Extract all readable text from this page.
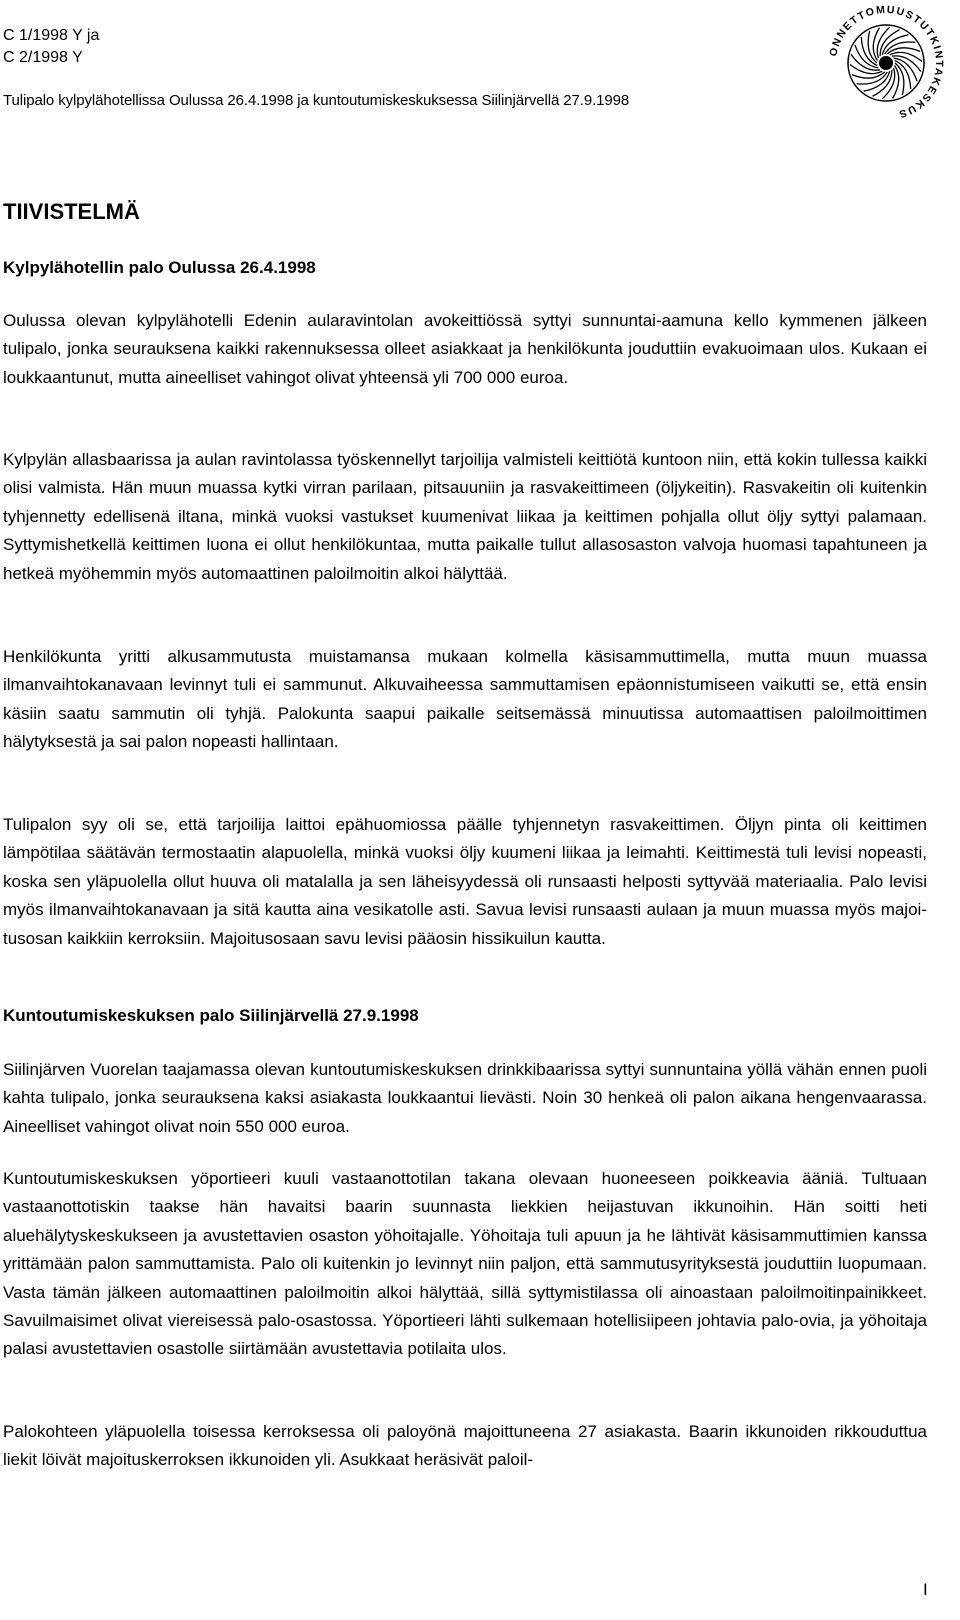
C 1/1998 Y ja
C 2/1998 Y
Tulipalo kylpylähotellissa Oulussa 26.4.1998 ja kuntoutumiskeskuksessa Siilinjärvellä 27.9.1998
ONNETTOMUUSTUTKINTAKESKUS
TIIVISTELMÄ
Kylpylähotellin palo Oulussa 26.4.1998

Oulussa olevan kylpylähotelli Edenin aularavintolan avokeittiössä syttyi sunnuntai-aamuna kello kymmenen jälkeen tulipalo, jonka seurauksena kaikki rakennuksessa olleet asiakkaat ja henkilökunta jouduttiin evakuoimaan ulos. Kukaan ei loukkaantunut, mutta aineelliset vahingot olivat yhteensä yli 700 000 euroa.

Kylpylän allasbaarissa ja aulan ravintolassa työskennellyt tarjoilija valmisteli keittiötä kuntoon niin, että kokin tullessa kaikki olisi valmista. Hän muun muassa kytki virran parilaan, pitsauuniin ja rasvakeittimeen (öljykeitin). Rasvakeitin oli kuitenkin tyhjennetty edellisenä iltana, minkä vuoksi vastukset kuumenivat liikaa ja keittimen pohjalla ollut öljy syttyi palamaan. Syttymishetkellä keittimen luona ei ollut henkilökuntaa, mutta paikalle tullut allasosaston valvoja huomasi tapahtuneen ja hetkeä myöhemmin myös automaattinen paloilmoitin alkoi hälyttää.

Henkilökunta yritti alkusammutusta muistamansa mukaan kolmella käsisammuttimella, mutta muun muassa ilmanvaihtokanavaan levinnyt tuli ei sammunut. Alkuvaiheessa sammuttamisen epäonnistumiseen vaikutti se, että ensin käsiin saatu sammutin oli tyhjä. Palokunta saapui paikalle seitsemässä minuutissa automaattisen paloilmoittimen hälytyksestä ja sai palon nopeasti hallintaan.

Tulipalon syy oli se, että tarjoilija laittoi epähuomiossa päälle tyhjennetyn rasvakeittimen. Öljyn pinta oli keittimen lämpötilaa säätävän termostaatin alapuolella, minkä vuoksi öljy kuumeni liikaa ja leimahti. Keittimestä tuli levisi nopeasti, koska sen yläpuolella ollut huuva oli matalalla ja sen läheisyydessä oli runsaasti helposti syttyvää materiaalia. Palo levisi myös ilmanvaihtokanavaan ja sitä kautta aina vesikatolle asti. Savua levisi runsaasti aulaan ja muun muassa myös majoitusosan kaikkiin kerroksiin. Majoitusosaan savu levisi pääosin hissikuilun kautta.

Kuntoutumiskeskuksen palo Siilinjärvellä 27.9.1998

Siilinjärven Vuorelan taajamassa olevan kuntoutumiskeskuksen drinkkibaarissa syttyi sunnuntaina yöllä vähän ennen puoli kahta tulipalo, jonka seurauksena kaksi asiakasta loukkaantui lievästi. Noin 30 henkeä oli palon aikana hengenvaarassa. Aineelliset vahingot olivat noin 550 000 euroa.

Kuntoutumiskeskuksen yöportieeri kuuli vastaanottotilan takana olevaan huoneeseen poikkeavia ääniä. Tultuaan vastaanottotiskin taakse hän havaitsi baarin suunnasta liekkien heijastuvan ikkunoihin. Hän soitti heti aluehälytyskeskukseen ja avustettavien osaston yöhoitajalle. Yöhoitaja tuli apuun ja he lähtivät käsisammuttimien kanssa yrittämään palon sammuttamista. Palo oli kuitenkin jo levinnyt niin paljon, että sammutusyrityksestä jouduttiin luopumaan. Vasta tämän jälkeen automaattinen paloilmoitin alkoi hälyttää, sillä syttymistilassa oli ainoastaan paloilmoitinpainikkeet. Savuilmaisimet olivat viereisessä palo-osastossa. Yöportieeri lähti sulkemaan hotellisiipeen johtavia palo-ovia, ja yöhoitaja palasi avustettavien osastolle siirtämään avustettavia potilaita ulos.

Palokohteen yläpuolella toisessa kerroksessa oli paloyönä majoittuneena 27 asiakasta. Baarin ikkunoiden rikkouduttua liekit löivät majoituskerroksen ikkunoiden yli. Asukkaat heräsivät paloil-

I
